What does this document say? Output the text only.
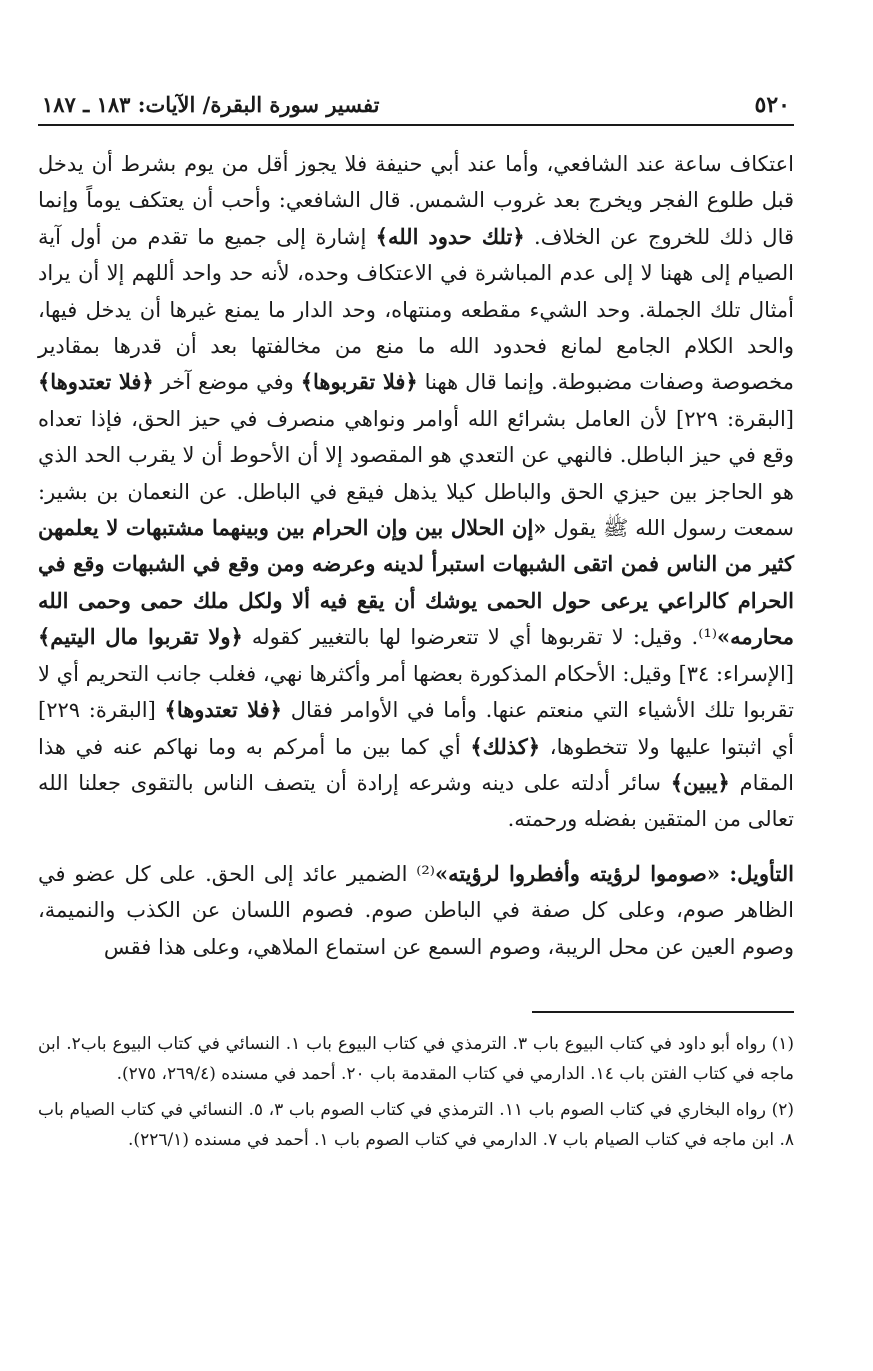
٥٢٠
تفسير سورة البقرة/ الآيات: ١٨٣ ـ ١٨٧

اعتكاف ساعة عند الشافعي، وأما عند أبي حنيفة فلا يجوز أقل من يوم بشرط أن يدخل قبل طلوع الفجر ويخرج بعد غروب الشمس. قال الشافعي: وأحب أن يعتكف يوماً وإنما قال ذلك للخروج عن الخلاف. ﴿تلك حدود الله﴾ إشارة إلى جميع ما تقدم من أول آية الصيام إلى ههنا لا إلى عدم المباشرة في الاعتكاف وحده، لأنه حد واحد أللهم إلا أن يراد أمثال تلك الجملة. وحد الشيء مقطعه ومنتهاه، وحد الدار ما يمنع غيرها أن يدخل فيها، والحد الكلام الجامع لمانع فحدود الله ما منع من مخالفتها بعد أن قدرها بمقادير مخصوصة وصفات مضبوطة. وإنما قال ههنا ﴿فلا تقربوها﴾ وفي موضع آخر ﴿فلا تعتدوها﴾ [البقرة: ٢٢٩] لأن العامل بشرائع الله أوامر ونواهي منصرف في حيز الحق، فإذا تعداه وقع في حيز الباطل. فالنهي عن التعدي هو المقصود إلا أن الأحوط أن لا يقرب الحد الذي هو الحاجز بين حيزي الحق والباطل كيلا يذهل فيقع في الباطل. عن النعمان بن بشير: سمعت رسول الله ﷺ يقول «إن الحلال بين وإن الحرام بين وبينهما مشتبهات لا يعلمهن كثير من الناس فمن اتقى الشبهات استبرأ لدينه وعرضه ومن وقع في الشبهات وقع في الحرام كالراعي يرعى حول الحمى يوشك أن يقع فيه ألا ولكل ملك حمى وحمى الله محارمه»⁽¹⁾. وقيل: لا تقربوها أي لا تتعرضوا لها بالتغيير كقوله ﴿ولا تقربوا مال اليتيم﴾ [الإسراء: ٣٤] وقيل: الأحكام المذكورة بعضها أمر وأكثرها نهي، فغلب جانب التحريم أي لا تقربوا تلك الأشياء التي منعتم عنها. وأما في الأوامر فقال ﴿فلا تعتدوها﴾ [البقرة: ٢٢٩] أي اثبتوا عليها ولا تتخطوها، ﴿كذلك﴾ أي كما بين ما أمركم به وما نهاكم عنه في هذا المقام ﴿يبين﴾ سائر أدلته على دينه وشرعه إرادة أن يتصف الناس بالتقوى جعلنا الله تعالى من المتقين بفضله ورحمته.

التأويل: «صوموا لرؤيته وأفطروا لرؤيته»⁽²⁾ الضمير عائد إلى الحق. على كل عضو في الظاهر صوم، وعلى كل صفة في الباطن صوم. فصوم اللسان عن الكذب والنميمة، وصوم العين عن محل الريبة، وصوم السمع عن استماع الملاهي، وعلى هذا فقس

(١) رواه أبو داود في كتاب البيوع باب ٣. الترمذي في كتاب البيوع باب ١. النسائي في كتاب البيوع باب٢. ابن ماجه في كتاب الفتن باب ١٤. الدارمي في كتاب المقدمة باب ٢٠. أحمد في مسنده (٢٦٩/٤، ٢٧٥).

(٢) رواه البخاري في كتاب الصوم باب ١١. الترمذي في كتاب الصوم باب ٣، ٥. النسائي في كتاب الصيام باب ٨. ابن ماجه في كتاب الصيام باب ٧. الدارمي في كتاب الصوم باب ١. أحمد في مسنده (٢٢٦/١).
